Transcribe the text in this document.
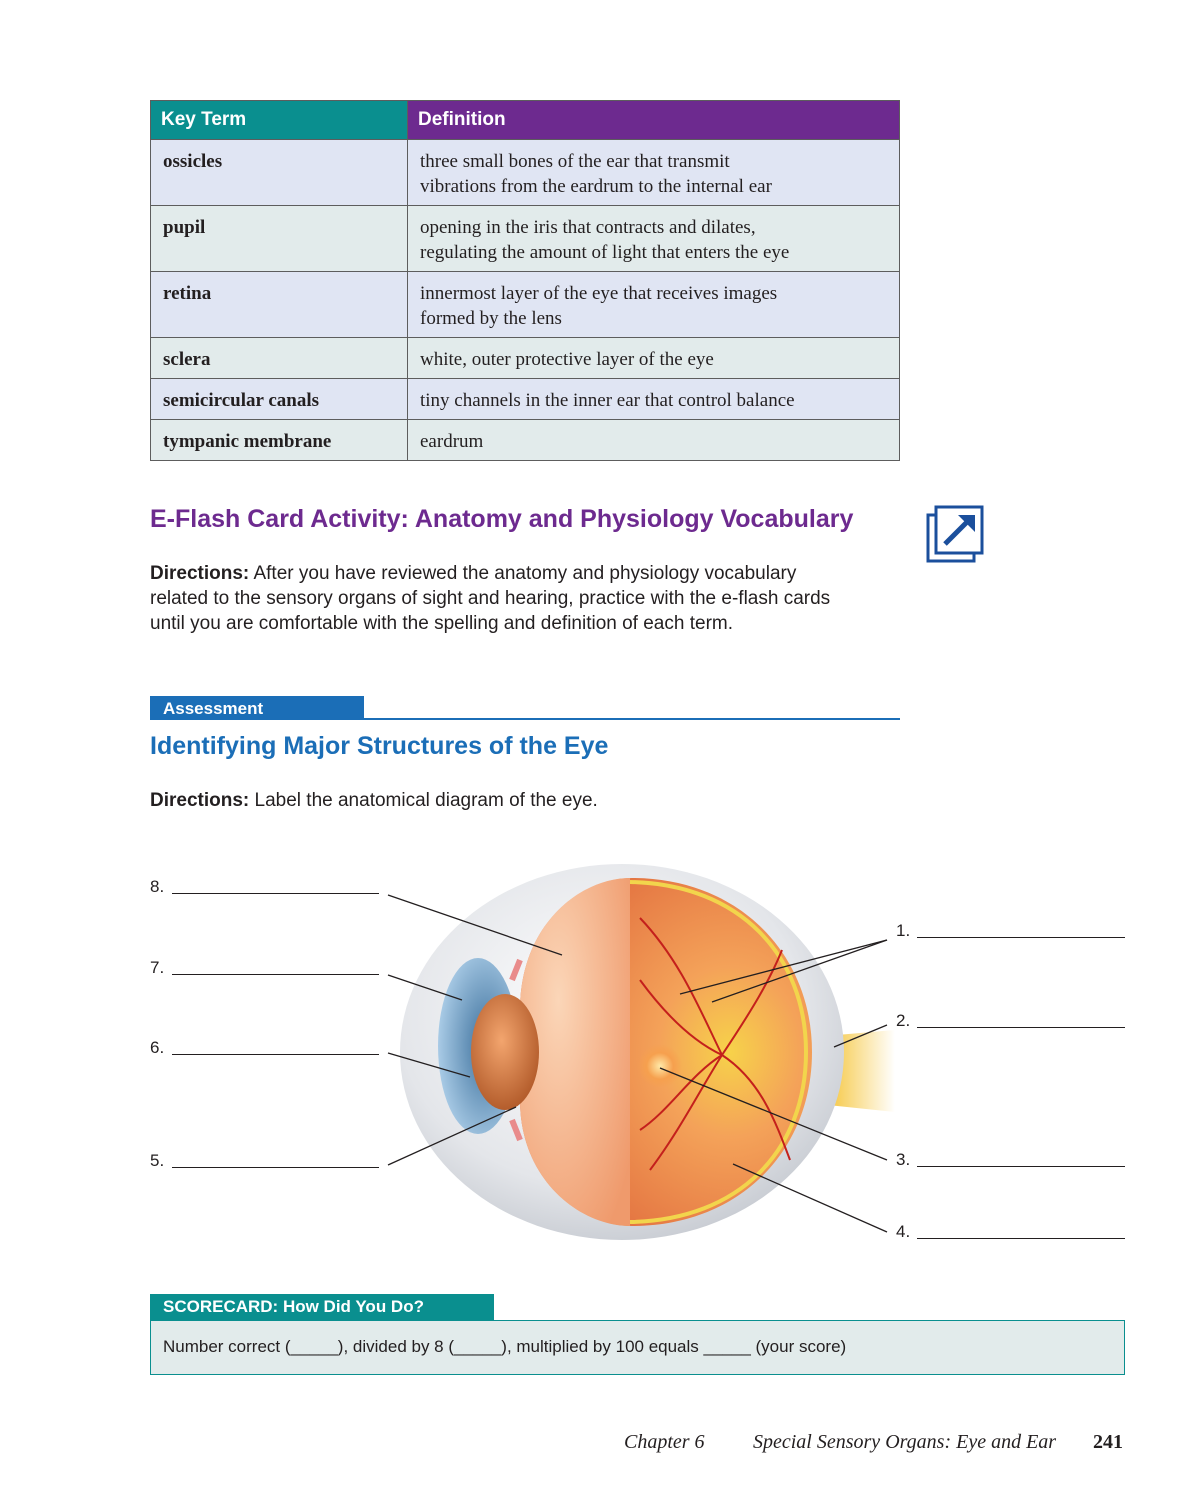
Key Term	Definition
ossicles	three small bones of the ear that transmit
vibrations from the eardrum to the internal ear
pupil	opening in the iris that contracts and dilates,
regulating the amount of light that enters the eye
retina	innermost layer of the eye that receives images
formed by the lens
sclera	white, outer protective layer of the eye
semicircular canals	tiny channels in the inner ear that control balance
tympanic membrane	eardrum
E-Flash Card Activity: Anatomy and Physiology Vocabulary
Directions: After you have reviewed the anatomy and physiology vocabulary
related to the sensory organs of sight and hearing, practice with the e-flash cards
until you are comfortable with the spelling and definition of each term.
Assessment
Identifying Major Structures of the Eye
Directions: Label the anatomical diagram of the eye.
8.
7.
6.
5.
1.
2.
3.
4.
SCORECARD: How Did You Do?
Number correct (_____), divided by 8 (_____), multiplied by 100 equals _____ (your score)
Chapter 6 Special Sensory Organs: Eye and Ear 241
